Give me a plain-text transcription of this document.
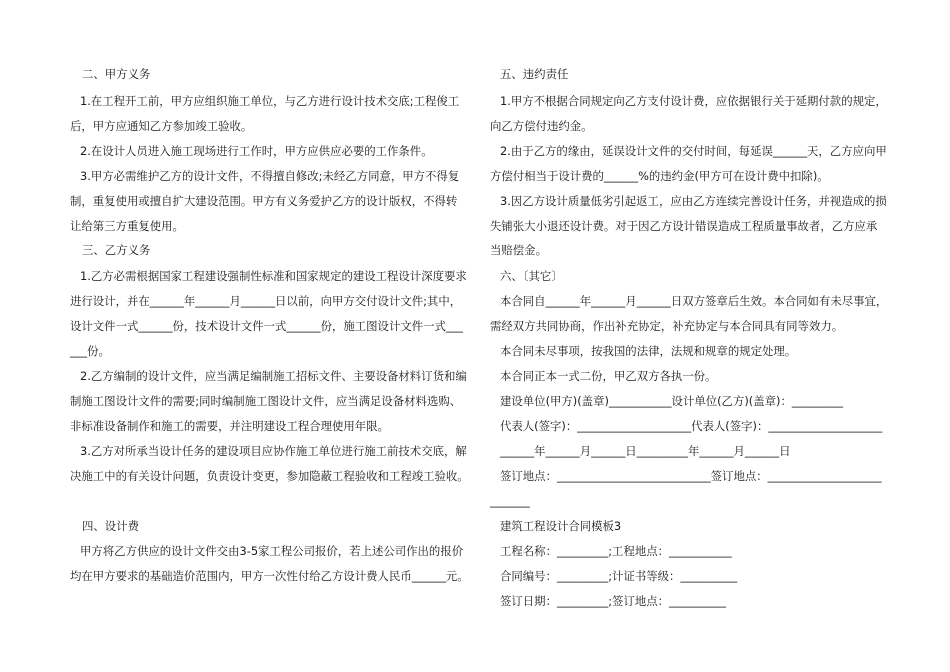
二、甲方义务
1.在工程开工前，甲方应组织施工单位，与乙方进行设计技术交底;工程俊工
后，甲方应通知乙方参加竣工验收。
2.在设计人员进入施工现场进行工作时，甲方应供应必要的工作条件。
3.甲方必需维护乙方的设计文件，不得擅自修改;未经乙方同意，甲方不得复
制，重复使用或擅自扩大建设范围。甲方有义务爱护乙方的设计版权，不得转
让给第三方重复使用。
三、乙方义务
1.乙方必需根据国家工程建设强制性标准和国家规定的建设工程设计深度要求
进行设计，并在______年______月______日以前，向甲方交付设计文件;其中，
设计文件一式______份，技术设计文件一式______份，施工图设计文件一式___
___份。
2.乙方编制的设计文件，应当满足编制施工招标文件、主要设备材料订货和编
制施工图设计文件的需要;同时编制施工图设计文件，应当满足设备材料选购、
非标准设备制作和施工的需要，并注明建设工程合理使用年限。
3.乙方对所承当设计任务的建设项目应协作施工单位进行施工前技术交底，解
决施工中的有关设计问题，负责设计变更，参加隐蔽工程验收和工程竣工验收。
四、设计费
甲方将乙方供应的设计文件交由3-5家工程公司报价，若上述公司作出的报价
均在甲方要求的基础造价范围内，甲方一次性付给乙方设计费人民币______元。
五、违约责任
1.甲方不根据合同规定向乙方支付设计费，应依据银行关于延期付款的规定，
向乙方偿付违约金。
2.由于乙方的缘由，延误设计文件的交付时间，每延误______天，乙方应向甲
方偿付相当于设计费的______%的违约金(甲方可在设计费中扣除)。
3.因乙方设计质量低劣引起返工，应由乙方连续完善设计任务，并视造成的损
失铺张大小退还设计费。对于因乙方设计错误造成工程质量事故者，乙方应承
当赔偿金。
六、〔其它〕
本合同自______年______月______日双方签章后生效。本合同如有未尽事宜，
需经双方共同协商，作出补充协定，补充协定与本合同具有同等效力。
本合同未尽事项，按我国的法律，法规和规章的规定处理。
本合同正本一式二份，甲乙双方各执一份。
建设单位(甲方)(盖章)___________设计单位(乙方)(盖章)：_________
代表人(签字)：____________________代表人(签字)：____________________
______年______月______日_________年______月______日
签订地点：___________________________签订地点：____________________
_______
建筑工程设计合同模板3
工程名称：_________;工程地点：___________
合同编号：_________;计证书等级：__________
签订日期：_________;签订地点：__________
